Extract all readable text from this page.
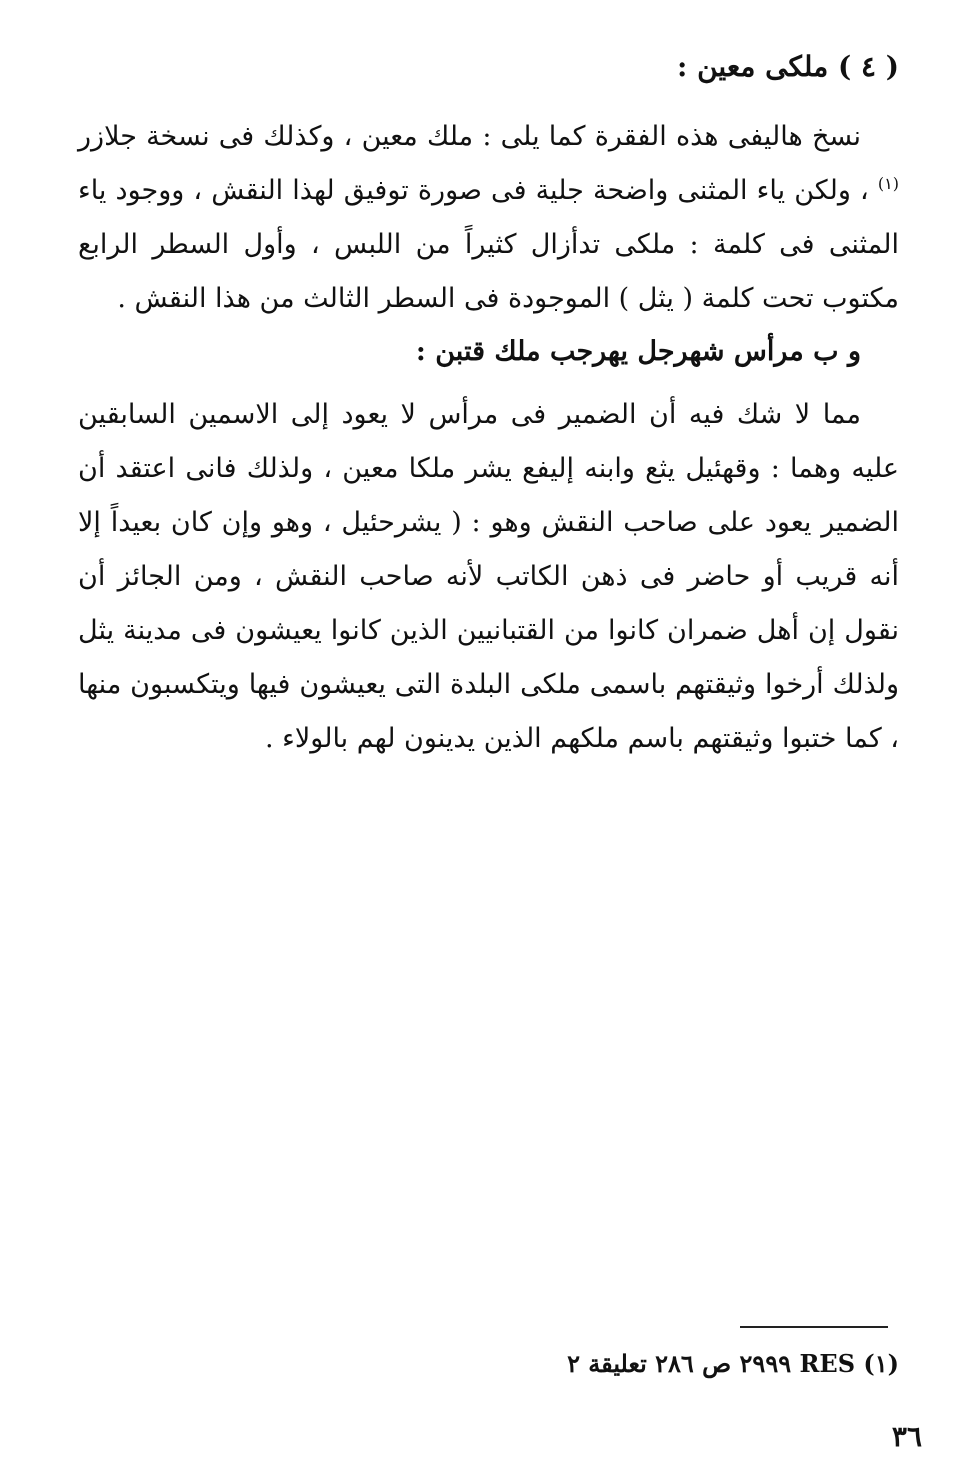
( ٤ ) ملكى معين :

نسخ هاليفى هذه الفقرة كما يلى : ملك معين ، وكذلك فى نسخة جلازر $^{(١)}$ ، ولكن ياء المثنى واضحة جلية فى صورة توفيق لهذا النقش ، ووجود ياء المثنى فى كلمة : ملكى تدأزال كثيراً من اللبس ، وأول السطر الرابع مكتوب تحت كلمة ( يثل ) الموجودة فى السطر الثالث من هذا النقش .

و ب مرأس شهرجل يهرجب ملك قتبن :

مما لا شك فيه أن الضمير فى مرأس لا يعود إلى الاسمين السابقين عليه وهما : وقهئيل يثع وابنه إليفع يشر ملكا معين ، ولذلك فانى اعتقد أن الضمير يعود على صاحب النقش وهو : ( يشرحئيل ، وهو وإن كان بعيداً إلا أنه قريب أو حاضر فى ذهن الكاتب لأنه صاحب النقش ، ومن الجائز أن نقول إن أهل ضمران كانوا من القتبانيين الذين كانوا يعيشون فى مدينة يثل ولذلك أرخوا وثيقتهم باسمى ملكى البلدة التى يعيشون فيها ويتكسبون منها ، كما ختبوا وثيقتهم باسم ملكهم الذين يدينون لهم بالولاء .

(١) RES ٢٩٩٩ ص ٢٨٦ تعليقة ٢
٣٦
